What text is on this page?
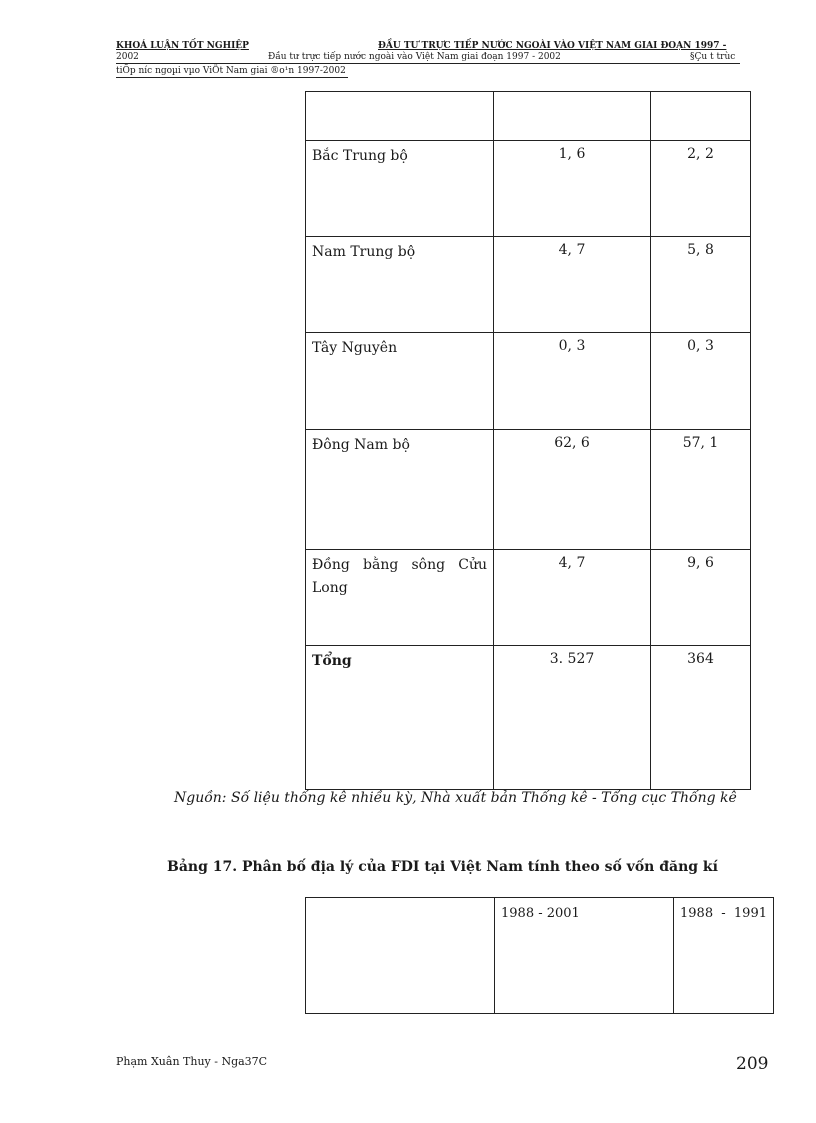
KHOÁ LUẬN TỐT NGHIỆP	ĐẦU TƯ TRỰC TIẾP NƯỚC NGOÀI VÀO VIỆT NAM GIAI ĐOẠN 1997 -
2002	Đầu tư trực tiếp nước ngoài vào Việt Nam giai đoạn 1997 - 2002	§Çu t trùc
tiÕp níc ngoµi vµo ViÖt Nam giai ®o¹n 1997-2002

Bắc Trung bộ	1, 6	2, 2
Nam Trung bộ	4, 7	5, 8
Tây Nguyên	0, 3	0, 3
Đông Nam bộ	62, 6	57, 1
Đồng bằng sông Cửu Long	4, 7	9, 6
Tổng	3. 527	364
Nguồn: Số liệu thống kê nhiều kỳ, Nhà xuất bản Thống kê - Tổng cục Thống kê
Bảng 17. Phân bố địa lý của FDI tại Việt Nam tính theo số vốn đăng kí
	1988 - 2001	1988 - 1991
Phạm Xuân Thuy - Nga37C	209
